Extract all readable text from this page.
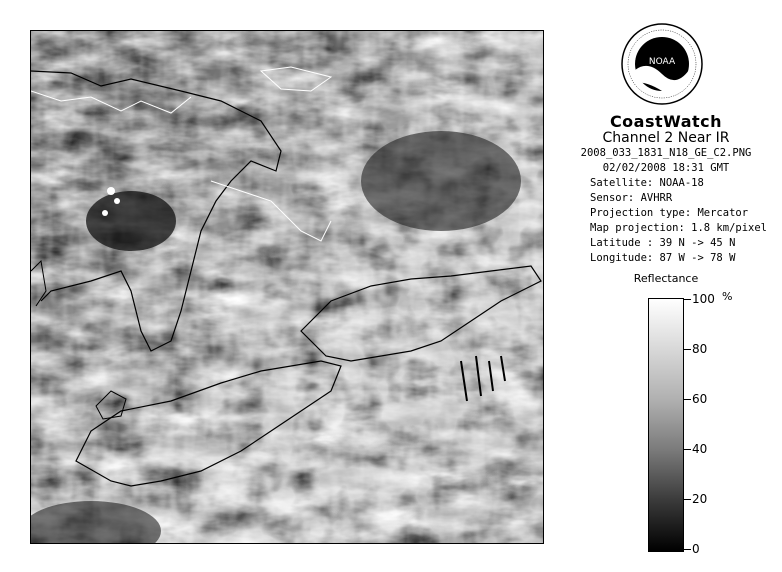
NOAA
CoastWatch
Channel 2 Near IR
2008_033_1831_N18_GE_C2.PNG
02/02/2008 18:31 GMT
Satellite: NOAA-18
Sensor: AVHRR
Projection type: Mercator
Map projection: 1.8 km/pixel
Latitude : 39 N -> 45 N
Longitude: 87 W -> 78 W
Reflectance
%
100
80
60
40
20
0
